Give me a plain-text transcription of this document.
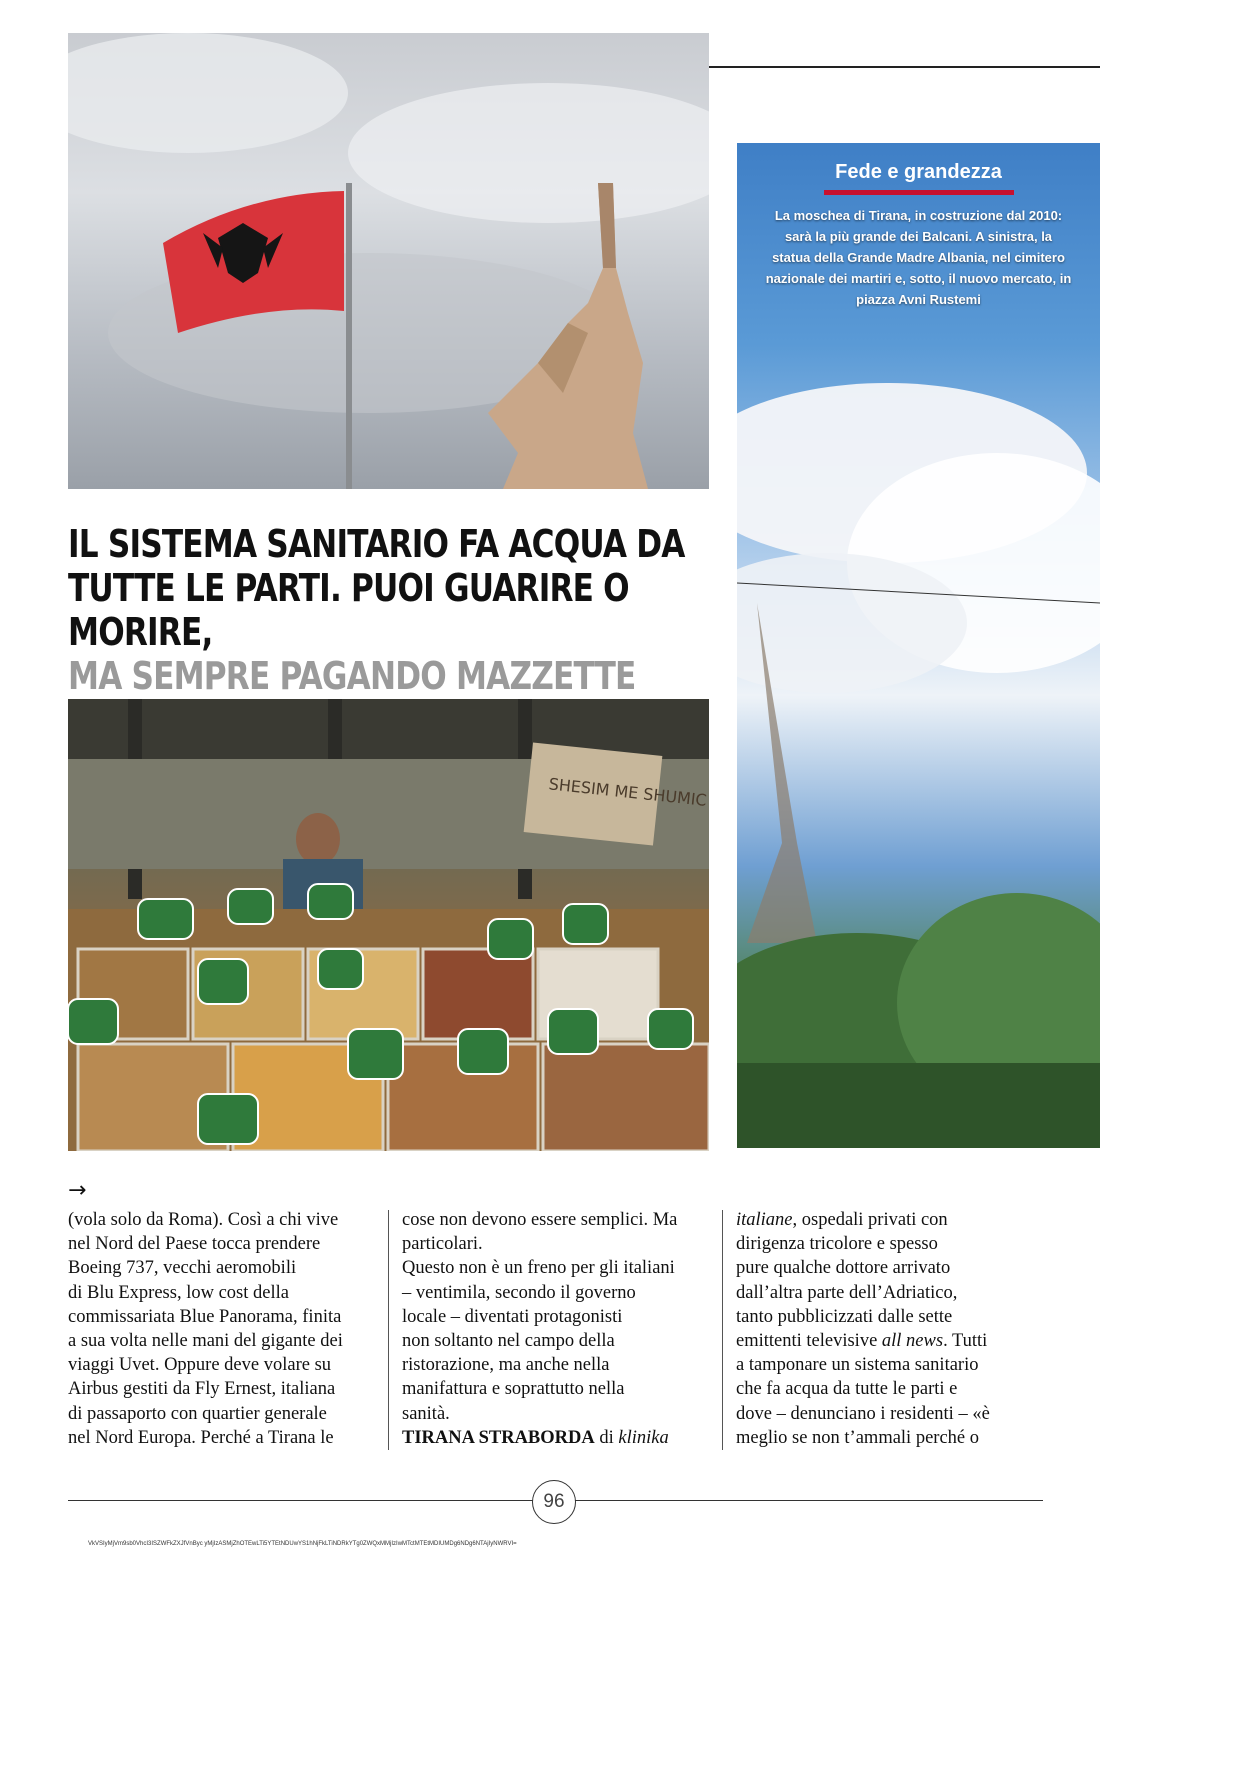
Fede e grandezza
La moschea di Tirana, in costruzione dal 2010: sarà la più grande dei Balcani. A sinistra, la statua della Grande Madre Albania, nel cimitero nazionale dei martiri e, sotto, il nuovo mercato, in piazza Avni Rustemi
IL SISTEMA SANITARIO FA ACQUA DA
TUTTE LE PARTI. PUOI GUARIRE O MORIRE,
MA SEMPRE PAGANDO MAZZETTE
SHESIM ME SHUMIC
→
(vola solo da Roma). Così a chi vive
nel Nord del Paese tocca prendere
Boeing 737, vecchi aeromobili
di Blu Express, low cost della
commissariata Blue Panorama, finita
a sua volta nelle mani del gigante dei
viaggi Uvet. Oppure deve volare su
Airbus gestiti da Fly Ernest, italiana
di passaporto con quartier generale
nel Nord Europa. Perché a Tirana le
cose non devono essere semplici. Ma
particolari.
Questo non è un freno per gli italiani
– ventimila, secondo il governo
locale – diventati protagonisti
non soltanto nel campo della
ristorazione, ma anche nella
manifattura e soprattutto nella
sanità.
TIRANA STRABORDA di klinika
italiane, ospedali privati con
dirigenza tricolore e spesso
pure qualche dottore arrivato
dall’altra parte dell’Adriatico,
tanto pubblicizzati dalle sette
emittenti televisive all news. Tutti
a tamponare un sistema sanitario
che fa acqua da tutte le parti e
dove – denunciano i residenti – «è
meglio se non t’ammali perché o
96
VkVSIyMjVm9sb0VhcI3ISZWFkZXJfVnByc yMjIzASMjZhOTEwLTi5YTEtNDUwYS1hNjFkLTiNDRkYTg0ZWQxMMjIzIwMTctMTEtMDIUMDg6NDg6NTAjIyNWRVI=
